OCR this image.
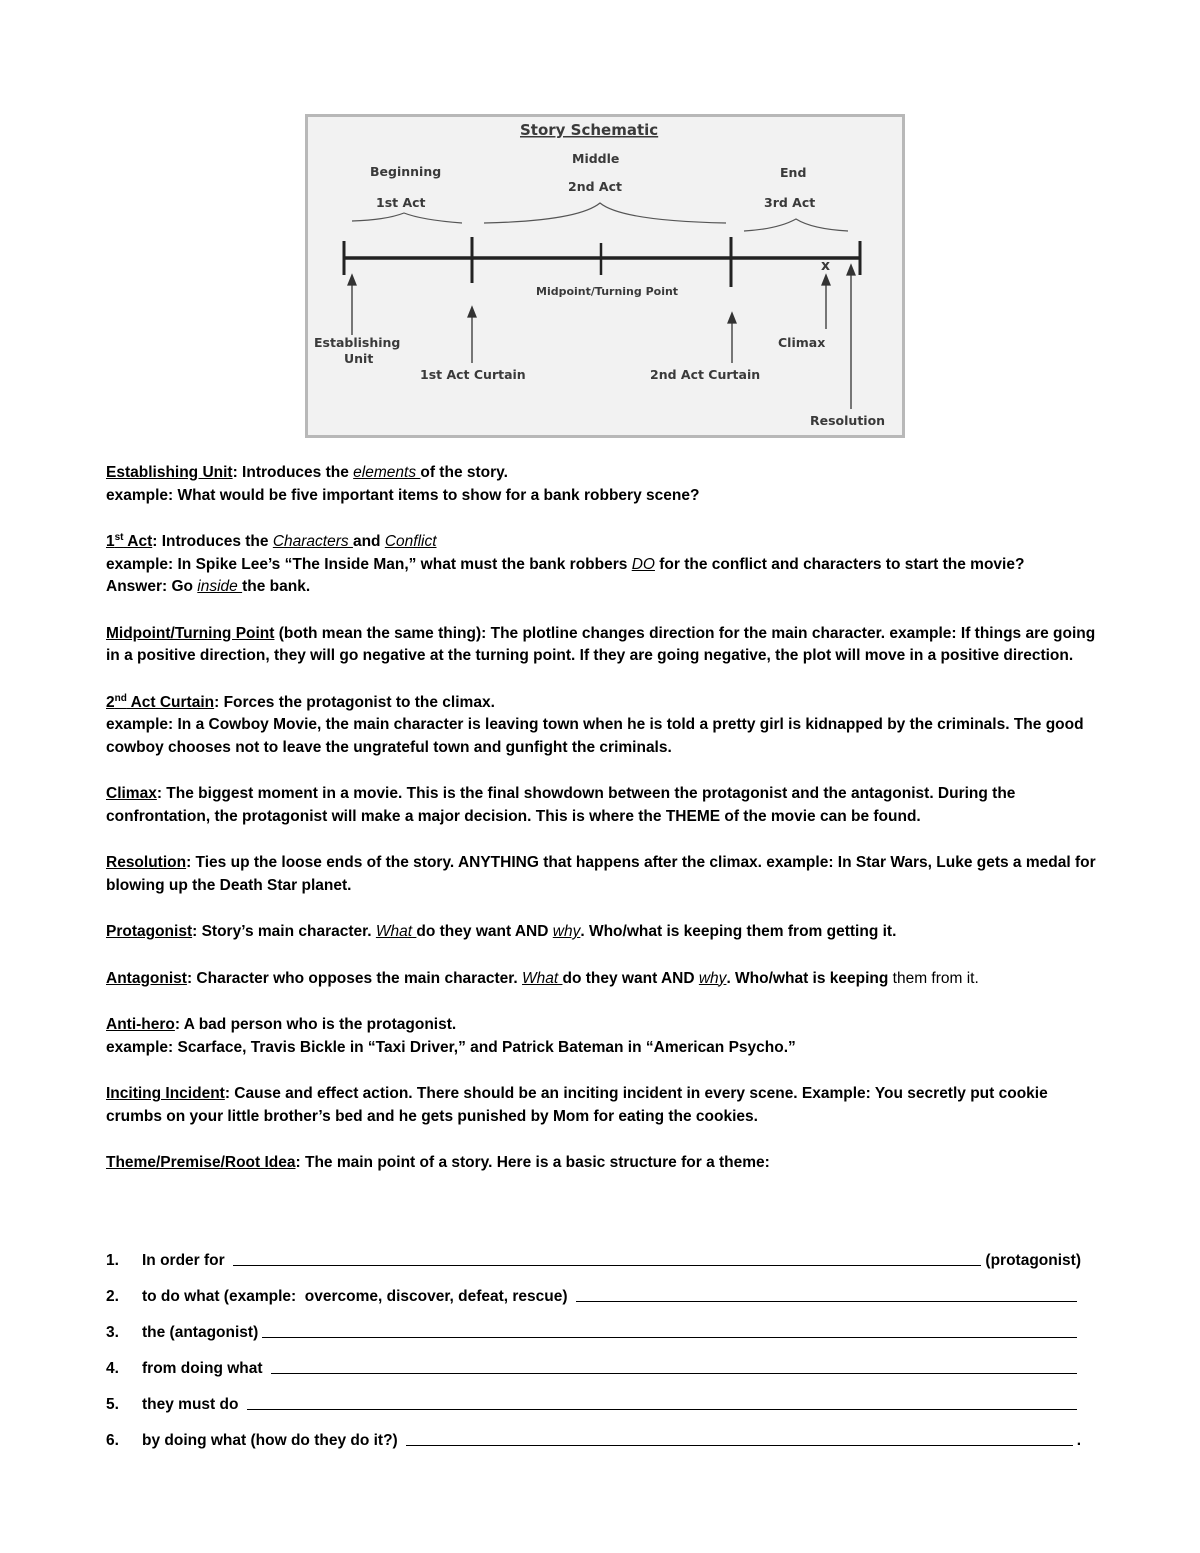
Story Schematic
Beginning
1st Act
Middle
2nd Act
End
3rd Act
x
Midpoint/Turning Point
Establishing
Unit
1st Act Curtain	2nd Act Curtain
Climax
Resolution

Establishing Unit: Introduces the elements of the story.

example: What would be five important items to show for a bank robbery scene?

1st Act: Introduces the Characters and Conflict

example: In Spike Lee’s “The Inside Man,” what must the bank robbers DO for the conflict and characters to start the movie?

Answer: Go inside the bank.

Midpoint/Turning Point (both mean the same thing): The plotline changes direction for the main character. example: If things are going in a positive direction, they will go negative at the turning point. If they are going negative, the plot will move in a positive direction.

2nd Act Curtain: Forces the protagonist to the climax.

example: In a Cowboy Movie, the main character is leaving town when he is told a pretty girl is kidnapped by the criminals. The good cowboy chooses not to leave the ungrateful town and gunfight the criminals.

Climax: The biggest moment in a movie. This is the final showdown between the protagonist and the antagonist. During the confrontation, the protagonist will make a major decision. This is where the THEME of the movie can be found.

Resolution: Ties up the loose ends of the story. ANYTHING that happens after the climax. example: In Star Wars, Luke gets a medal for blowing up the Death Star planet.

Protagonist: Story’s main character. What do they want AND why. Who/what is keeping them from getting it.

Antagonist: Character who opposes the main character. What do they want AND why. Who/what is keeping them from it.

Anti-hero: A bad person who is the protagonist.

example: Scarface, Travis Bickle in “Taxi Driver,” and Patrick Bateman in “American Psycho.”

Inciting Incident: Cause and effect action. There should be an inciting incident in every scene. Example: You secretly put cookie crumbs on your little brother’s bed and he gets punished by Mom for eating the cookies.

Theme/Premise/Root Idea: The main point of a story. Here is a basic structure for a theme:

1.	In order for	(protagonist)
2.	to do what (example:  overcome, discover, defeat, rescue)
3.	the (antagonist)
4.	from doing what
5.	they must do
6.	by doing what (how do they do it?)	.
